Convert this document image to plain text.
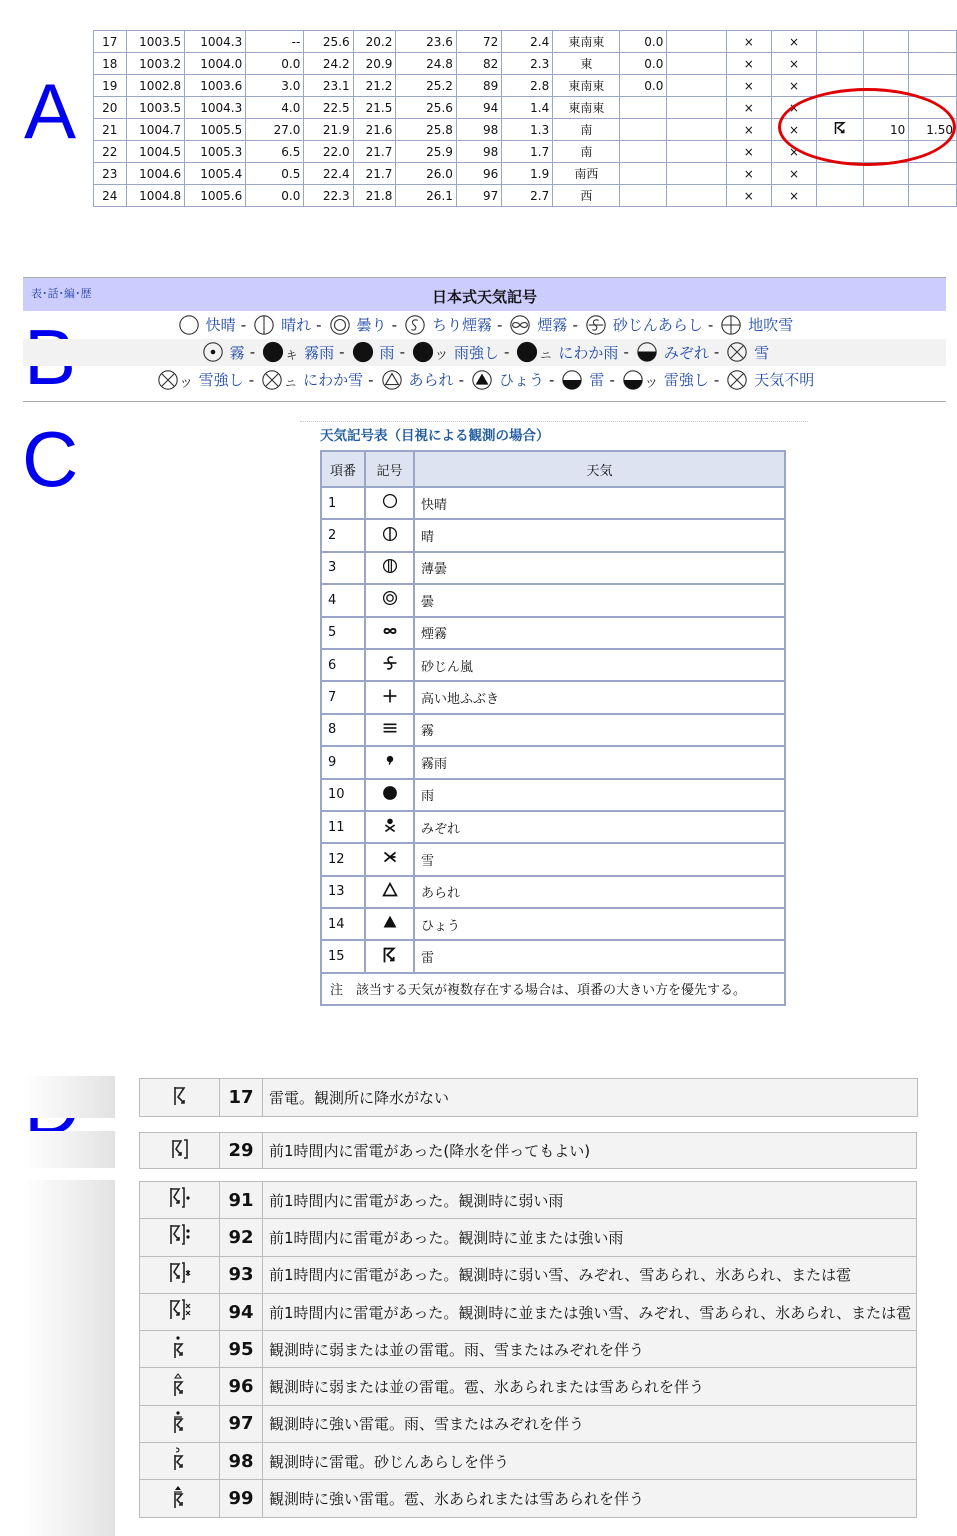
A
C
17	1003.5	1004.3	--	25.6	20.2	23.6	72	2.4	東南東	0.0		×	×			
18	1003.2	1004.0	0.0	24.2	20.9	24.8	82	2.3	東	0.0		×	×			
19	1002.8	1003.6	3.0	23.1	21.2	25.2	89	2.8	東南東	0.0		×	×			
20	1003.5	1004.3	4.0	22.5	21.5	25.6	94	1.4	東南東			×	×			
21	1004.7	1005.5	27.0	21.9	21.6	25.8	98	1.3	南			×	×		10	1.50
22	1004.5	1005.3	6.5	22.0	21.7	25.9	98	1.7	南			×	×			
23	1004.6	1005.4	0.5	22.4	21.7	26.0	96	1.9	南西			×	×			
24	1004.8	1005.6	0.0	22.3	21.8	26.1	97	2.7	西			×	×			
表･話･編･歴	日本式天気記号
快晴 - 晴れ - 曇り - ちり煙霧 - 煙霧 - 砂じんあらし - 地吹雪
霧 -	キ 霧雨 - 雨 -	ツ 雨強し -	ニ にわか雨 - みぞれ - 雪
ツ 雪強し -	ニ にわか雪 - あられ - ひょう - 雷 -	ツ 雷強し - 天気不明
天気記号表（目視による観測の場合）
項番	記号	天気
1		快晴
2		晴
3		薄曇
4		曇
5		煙霧
6		砂じん嵐
7		高い地ふぶき
8		霧
9		霧雨
10		雨
11		みぞれ
12		雪
13		あられ
14		ひょう
15		雷
注　該当する天気が複数存在する場合は、項番の大きい方を優先する。		
	17	雷電。観測所に降水がない
	29	前1時間内に雷電があった(降水を伴ってもよい)
	91	前1時間内に雷電があった。観測時に弱い雨
	92	前1時間内に雷電があった。観測時に並または強い雨
	93	前1時間内に雷電があった。観測時に弱い雪、みぞれ、雪あられ、氷あられ、または雹
	94	前1時間内に雷電があった。観測時に並または強い雪、みぞれ、雪あられ、氷あられ、または雹
	95	観測時に弱または並の雷電。雨、雪またはみぞれを伴う
	96	観測時に弱または並の雷電。雹、氷あられまたは雪あられを伴う
	97	観測時に強い雷電。雨、雪またはみぞれを伴う
	98	観測時に雷電。砂じんあらしを伴う
	99	観測時に強い雷電。雹、氷あられまたは雪あられを伴う
